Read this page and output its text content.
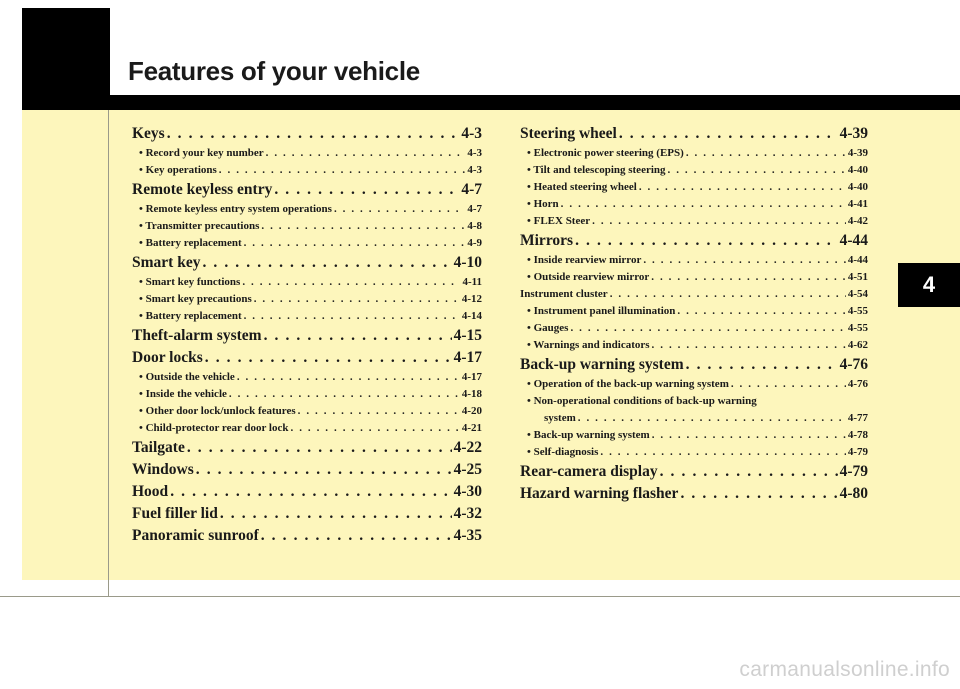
Features of your vehicle
Keys . . .	4-3
• Record your key number . . .	4-3
• Key operations . . .	4-3
Remote keyless entry . . .	4-7
• Remote keyless entry system operations . . .	4-7
• Transmitter precautions . . .	4-8
• Battery replacement . . .	4-9
Smart key . . .	4-10
• Smart key functions . . .	4-11
• Smart key precautions . . .	4-12
• Battery replacement . . .	4-14
Theft-alarm system . . .	4-15
Door locks . . .	4-17
• Outside the vehicle . . .	4-17
• Inside the vehicle . . .	4-18
• Other door lock/unlock features . . .	4-20
• Child-protector rear door lock . . .	4-21
Tailgate . . .	4-22
Windows . . .	4-25
Hood . . .	4-30
Fuel filler lid . . .	4-32
Panoramic sunroof . . .	4-35
Steering wheel . . .	4-39
• Electronic power steering (EPS) . . .	4-39
• Tilt and telescoping steering . . .	4-40
• Heated steering wheel . . .	4-40
• Horn . . .	4-41
• FLEX Steer . . .	4-42
Mirrors . . .	4-44
• Inside rearview mirror . . .	4-44
• Outside rearview mirror . . .	4-51
Instrument cluster . . .	4-54
• Instrument panel illumination . . .	4-55
• Gauges . . .	4-55
• Warnings and indicators . . .	4-62
Back-up warning system . . .	4-76
• Operation of the back-up warning system . . .	4-76
• Non-operational conditions of back-up warning
system . . .	4-77
• Back-up warning system . . .	4-78
• Self-diagnosis . . .	4-79
Rear-camera display . . .	4-79
Hazard warning flasher . . .	4-80
4
carmanualsonline.info
